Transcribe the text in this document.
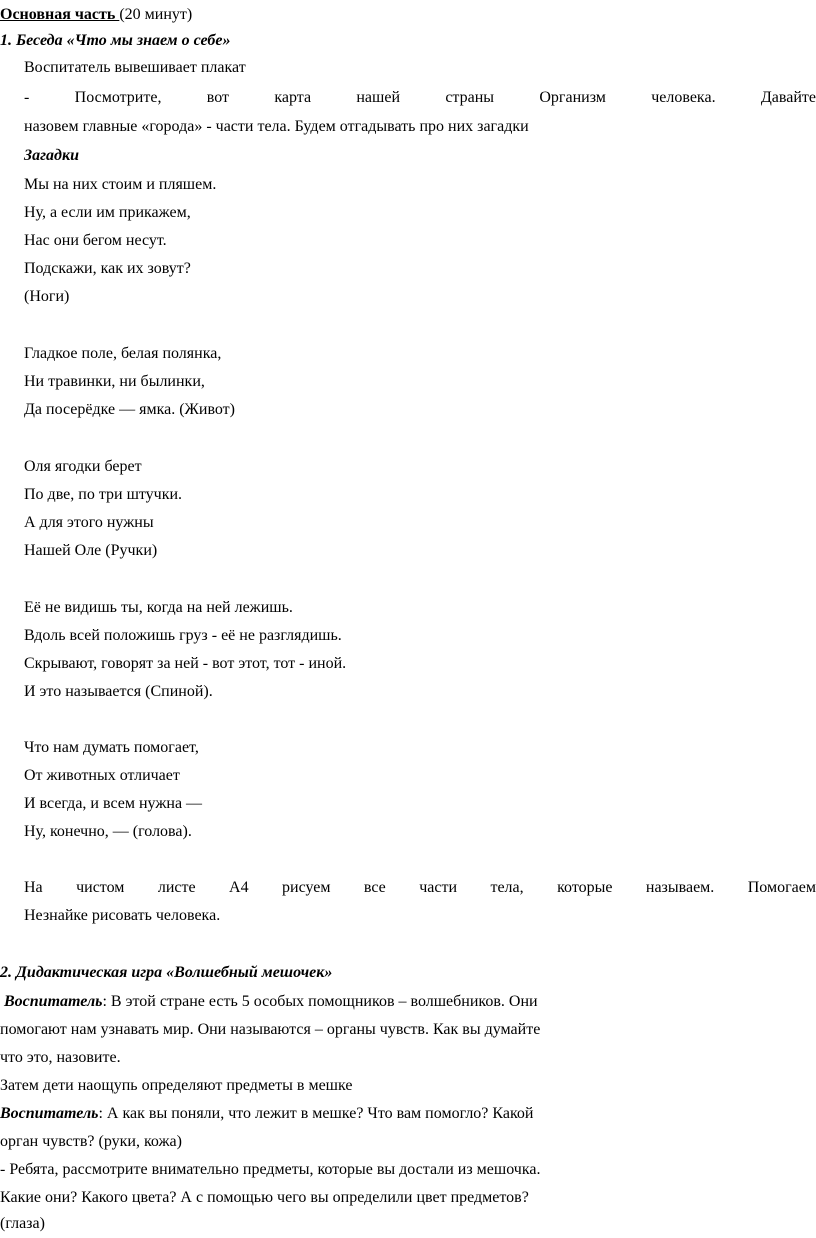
Основная часть (20 минут)
1. Беседа «Что мы знаем о себе»
Воспитатель вывешивает плакат
- Посмотрите, вот карта нашей страны Организм человека. Давайте
назовем главные «города» - части тела. Будем отгадывать про них загадки
Загадки
Мы на них стоим и пляшем.
Ну, а если им прикажем,
Нас они бегом несут.
Подскажи, как их зовут?
(Ноги)
Гладкое поле, белая полянка,
Ни травинки, ни былинки,
Да посерёдке — ямка. (Живот)
Оля ягодки берет
По две, по три штучки.
А для этого нужны
Нашей Оле (Ручки)
Её не видишь ты, когда на ней лежишь.
Вдоль всей положишь груз - её не разглядишь.
Скрывают, говорят за ней - вот этот, тот - иной.
И это называется (Спиной).
Что нам думать помогает,
От животных отличает
И всегда, и всем нужна —
Ну, конечно, — (голова).
На чистом листе А4 рисуем все части тела, которые называем. Помогаем
Незнайке рисовать человека.
2. Дидактическая игра «Волшебный мешочек»
Воспитатель: В этой стране есть 5 особых помощников – волшебников. Они
помогают нам узнавать мир. Они называются – органы чувств. Как вы думайте
что это, назовите.
Затем дети наощупь определяют предметы в мешке
Воспитатель: А как вы поняли, что лежит в мешке? Что вам помогло? Какой
орган чувств? (руки, кожа)
- Ребята, рассмотрите внимательно предметы, которые вы достали из мешочка.
Какие они? Какого цвета? А с помощью чего вы определили цвет предметов?
(глаза)
